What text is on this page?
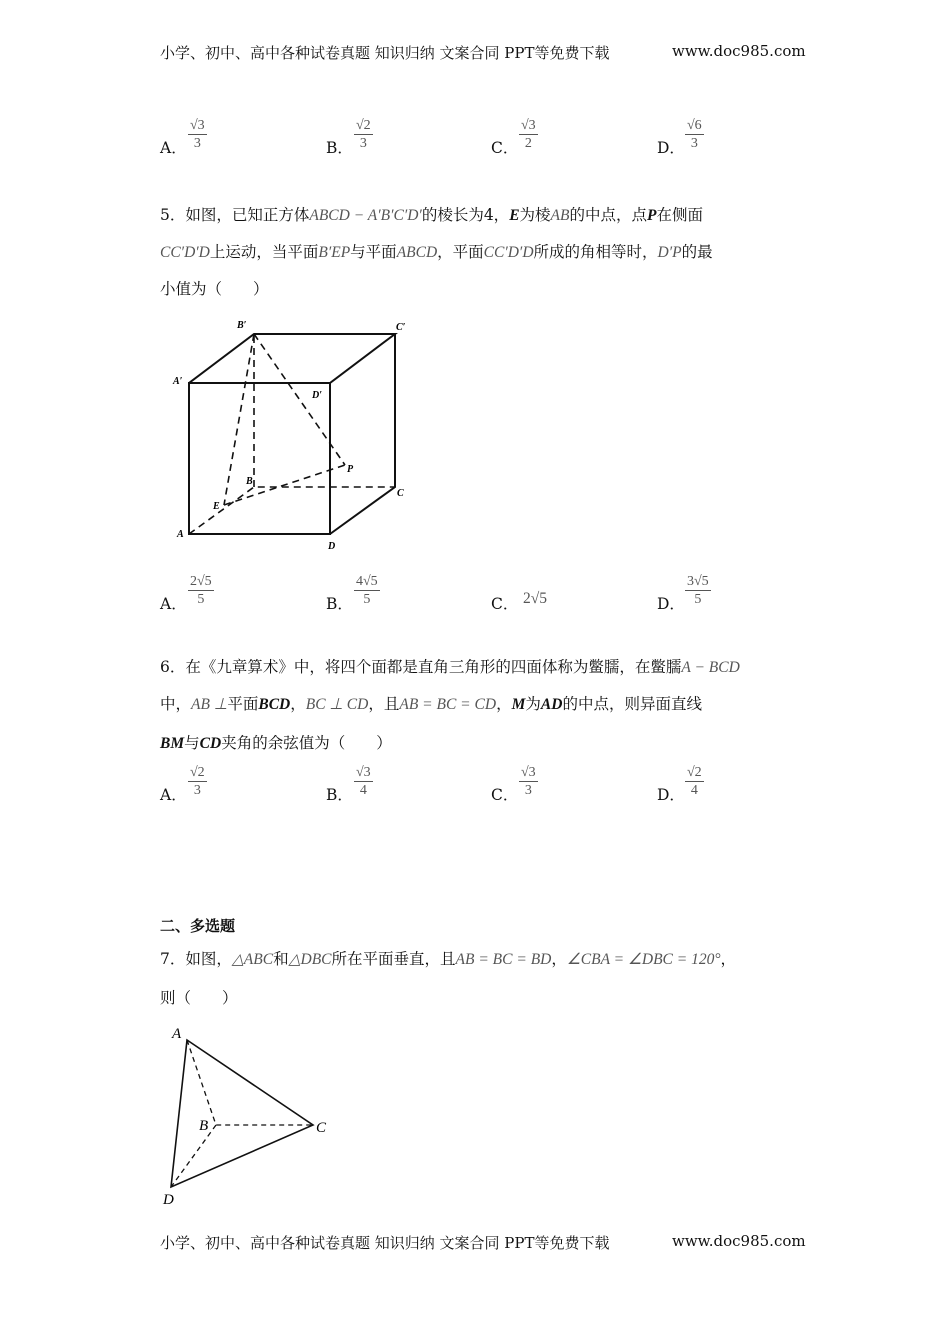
小学、初中、高中各种试卷真题 知识归纳 文案合同 PPT等免费下载	www.doc985.com
A． $\frac{√3}{3}$	B． $\frac{√2}{3}$	C． $\frac{√3}{2}$	D． $\frac{√6}{3}$
5．如图，已知正方体ABCD − A′B′C′D′的棱长为4，E为棱AB的中点，点P在侧面
CC′D′D上运动，当平面B′EP与平面ABCD，平面CC′D′D所成的角相等时，D′P的最
小值为（　　）
B′	C′
A′
D′
P
B
C
E
A
D
A． $\frac{2√5}{5}$	B． $\frac{4√5}{5}$	C． 2√5	D． $\frac{3√5}{5}$
6．在《九章算术》中，将四个面都是直角三角形的四面体称为鳖臑，在鳖臑A − BCD
中，AB ⊥平面BCD，BC ⊥ CD，且AB = BC = CD，M为AD的中点，则异面直线
BM与CD夹角的余弦值为（　　）
A． $\frac{√2}{3}$	B． $\frac{√3}{4}$	C． $\frac{√3}{3}$	D． $\frac{√2}{4}$
二、多选题
7．如图，△ABC和△DBC所在平面垂直，且AB = BC = BD，∠CBA = ∠DBC = 120°，
则（　　）
A
B	C
D
小学、初中、高中各种试卷真题 知识归纳 文案合同 PPT等免费下载	www.doc985.com
